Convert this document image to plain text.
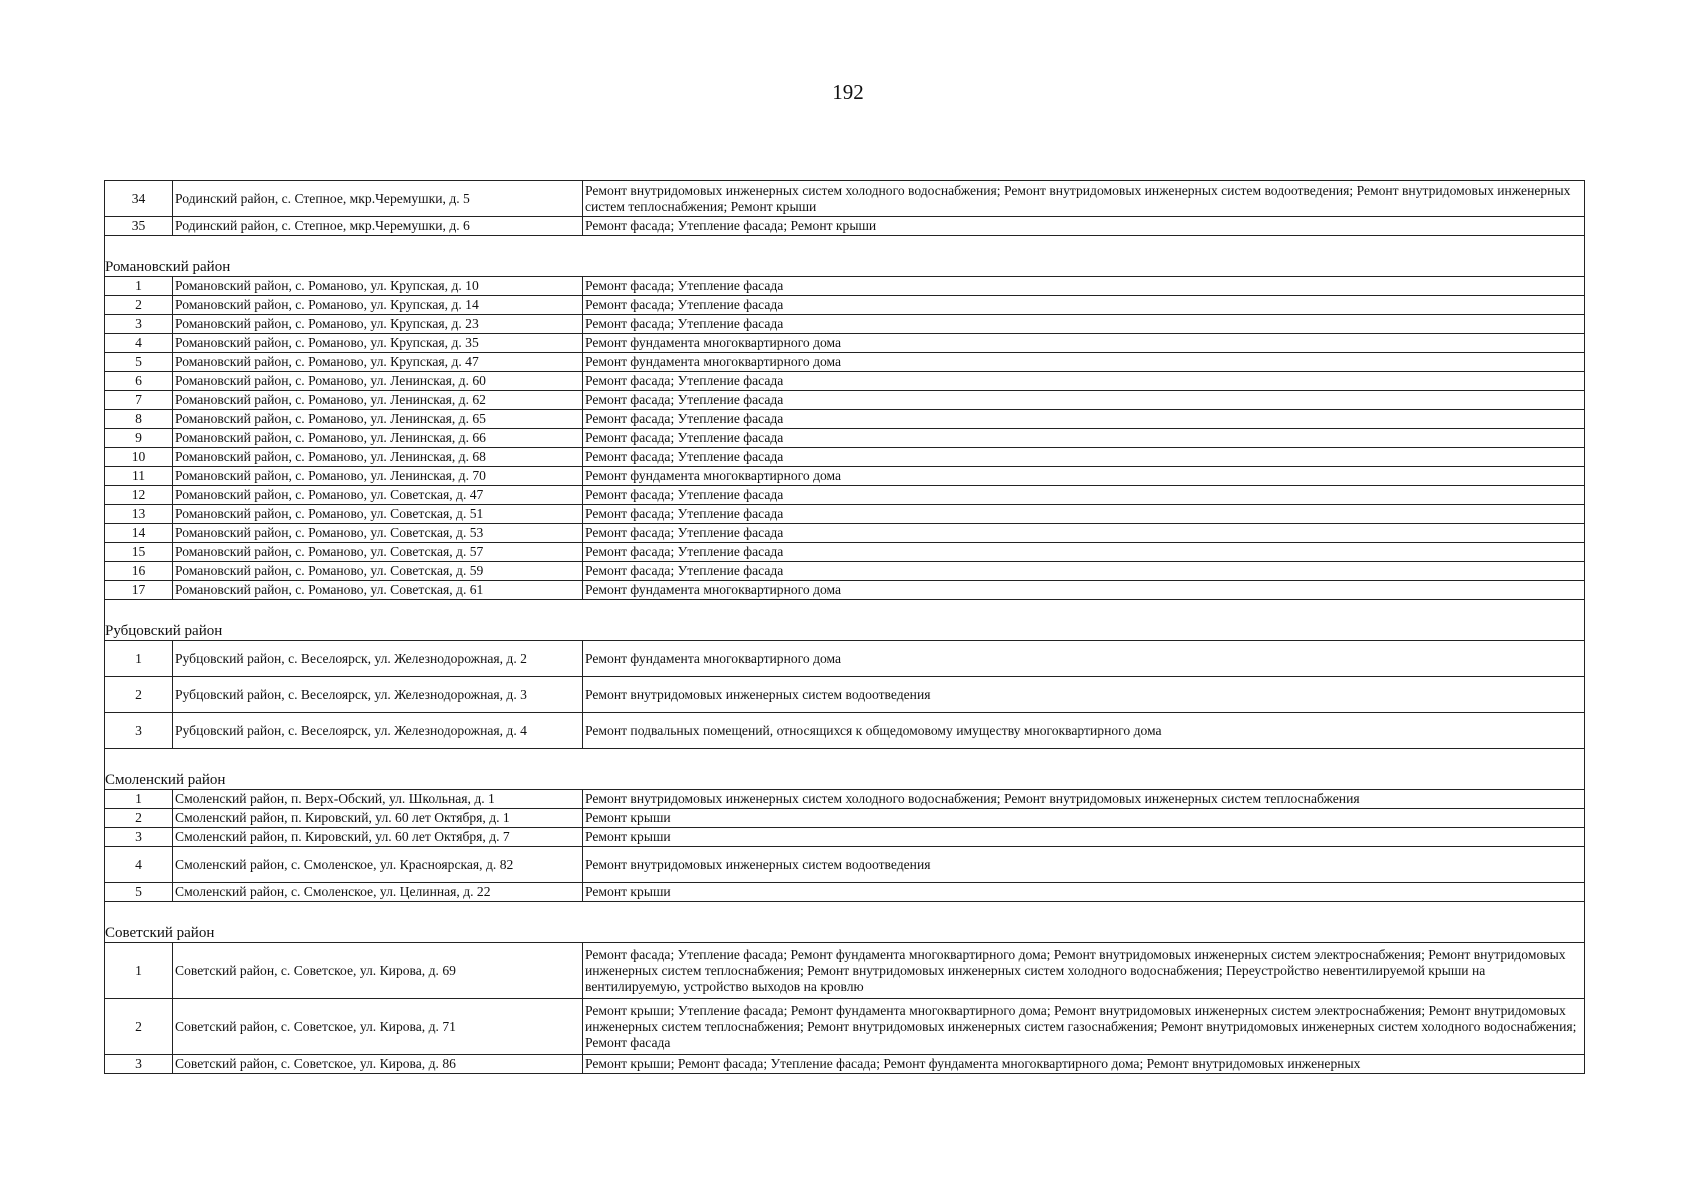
192
34	Родинский район, с. Степное, мкр.Черемушки, д. 5	Ремонт внутридомовых инженерных систем холодного водоснабжения; Ремонт внутридомовых инженерных систем водоотведения; Ремонт внутридомовых инженерных систем теплоснабжения; Ремонт крыши
35	Родинский район, с. Степное, мкр.Черемушки, д. 6	Ремонт фасада; Утепление фасада; Ремонт крыши

Романовский район		

1	Романовский район, с. Романово, ул. Крупская, д. 10	Ремонт фасада; Утепление фасада
2	Романовский район, с. Романово, ул. Крупская, д. 14	Ремонт фасада; Утепление фасада
3	Романовский район, с. Романово, ул. Крупская, д. 23	Ремонт фасада; Утепление фасада
4	Романовский район, с. Романово, ул. Крупская, д. 35	Ремонт фундамента многоквартирного дома
5	Романовский район, с. Романово, ул. Крупская, д. 47	Ремонт фундамента многоквартирного дома
6	Романовский район, с. Романово, ул. Ленинская, д. 60	Ремонт фасада; Утепление фасада
7	Романовский район, с. Романово, ул. Ленинская, д. 62	Ремонт фасада; Утепление фасада
8	Романовский район, с. Романово, ул. Ленинская, д. 65	Ремонт фасада; Утепление фасада
9	Романовский район, с. Романово, ул. Ленинская, д. 66	Ремонт фасада; Утепление фасада
10	Романовский район, с. Романово, ул. Ленинская, д. 68	Ремонт фасада; Утепление фасада
11	Романовский район, с. Романово, ул. Ленинская, д. 70	Ремонт фундамента многоквартирного дома
12	Романовский район, с. Романово, ул. Советская, д. 47	Ремонт фасада; Утепление фасада
13	Романовский район, с. Романово, ул. Советская, д. 51	Ремонт фасада; Утепление фасада
14	Романовский район, с. Романово, ул. Советская, д. 53	Ремонт фасада; Утепление фасада
15	Романовский район, с. Романово, ул. Советская, д. 57	Ремонт фасада; Утепление фасада
16	Романовский район, с. Романово, ул. Советская, д. 59	Ремонт фасада; Утепление фасада
17	Романовский район, с. Романово, ул. Советская, д. 61	Ремонт фундамента многоквартирного дома

Рубцовский район		

1	Рубцовский район, с. Веселоярск, ул. Железнодорожная, д. 2	Ремонт фундамента многоквартирного дома
2	Рубцовский район, с. Веселоярск, ул. Железнодорожная, д. 3	Ремонт внутридомовых инженерных систем водоотведения
3	Рубцовский район, с. Веселоярск, ул. Железнодорожная, д. 4	Ремонт подвальных помещений, относящихся к общедомовому имуществу многоквартирного дома

Смоленский район		

1	Смоленский район, п. Верх-Обский, ул. Школьная, д. 1	Ремонт внутридомовых инженерных систем холодного водоснабжения; Ремонт внутридомовых инженерных систем теплоснабжения
2	Смоленский район, п. Кировский, ул. 60 лет Октября, д. 1	Ремонт крыши
3	Смоленский район, п. Кировский, ул. 60 лет Октября, д. 7	Ремонт крыши
4	Смоленский район, с. Смоленское, ул. Красноярская, д. 82	Ремонт внутридомовых инженерных систем водоотведения
5	Смоленский район, с. Смоленское, ул. Целинная, д. 22	Ремонт крыши

Советский район		

1	Советский район, с. Советское, ул. Кирова, д. 69	Ремонт фасада; Утепление фасада; Ремонт фундамента многоквартирного дома; Ремонт внутридомовых инженерных систем электроснабжения; Ремонт внутридомовых инженерных систем теплоснабжения; Ремонт внутридомовых инженерных систем холодного водоснабжения; Переустройство невентилируемой крыши на вентилируемую, устройство выходов на кровлю
2	Советский район, с. Советское, ул. Кирова, д. 71	Ремонт крыши; Утепление фасада; Ремонт фундамента многоквартирного дома; Ремонт внутридомовых инженерных систем электроснабжения; Ремонт внутридомовых инженерных систем теплоснабжения; Ремонт внутридомовых инженерных систем газоснабжения; Ремонт внутридомовых инженерных систем холодного водоснабжения; Ремонт фасада
3	Советский район, с. Советское, ул. Кирова, д. 86	Ремонт крыши; Ремонт фасада; Утепление фасада; Ремонт фундамента многоквартирного дома; Ремонт внутридомовых инженерных
